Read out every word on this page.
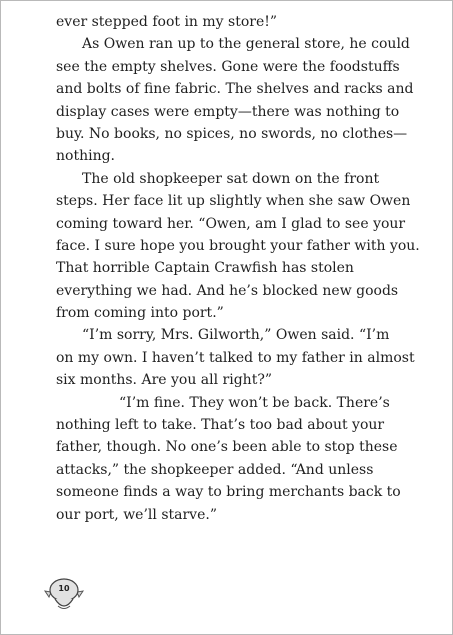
ever stepped foot in my store!”
As Owen ran up to the general store, he could
see the empty shelves. Gone were the foodstuffs
and bolts of fine fabric. The shelves and racks and
display cases were empty—there was nothing to
buy. No books, no spices, no swords, no clothes—
nothing.
The old shopkeeper sat down on the front
steps. Her face lit up slightly when she saw Owen
coming toward her. “Owen, am I glad to see your
face. I sure hope you brought your father with you.
That horrible Captain Crawfish has stolen
everything we had. And he’s blocked new goods
from coming into port.”
“I’m sorry, Mrs. Gilworth,” Owen said. “I’m
on my own. I haven’t talked to my father in almost
six months. Are you all right?”
“I’m fine. They won’t be back. There’s
nothing left to take. That’s too bad about your
father, though. No one’s been able to stop these
attacks,” the shopkeeper added. “And unless
someone finds a way to bring merchants back to
our port, we’ll starve.”
10
